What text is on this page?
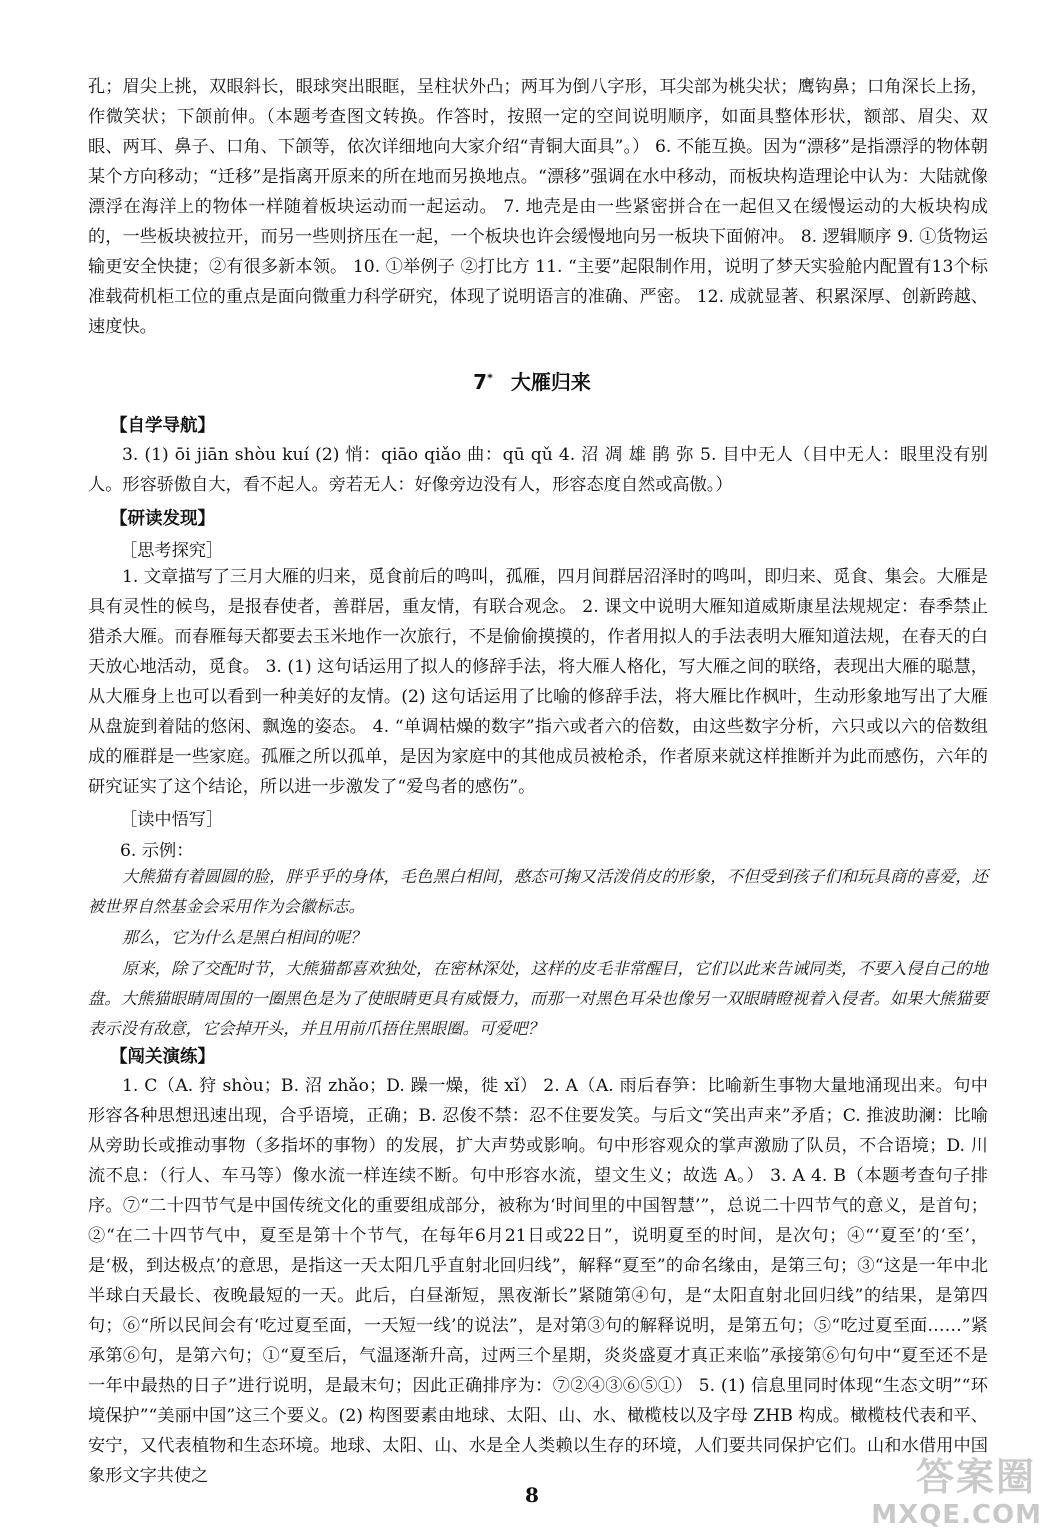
孔；眉尖上挑，双眼斜长，眼球突出眼眶，呈柱状外凸；两耳为倒八字形，耳尖部为桃尖状；鹰钩鼻；口角深长上扬，作微笑状；下颌前伸。（本题考查图文转换。作答时，按照一定的空间说明顺序，如面具整体形状，额部、眉尖、双眼、两耳、鼻子、口角、下颌等，依次详细地向大家介绍“青铜大面具”。） 6. 不能互换。因为“漂移”是指漂浮的物体朝某个方向移动；“迁移”是指离开原来的所在地而另换地点。“漂移”强调在水中移动，而板块构造理论中认为：大陆就像漂浮在海洋上的物体一样随着板块运动而一起运动。 7. 地壳是由一些紧密拼合在一起但又在缓慢运动的大板块构成的，一些板块被拉开，而另一些则挤压在一起，一个板块也许会缓慢地向另一板块下面俯冲。 8. 逻辑顺序 9. ①货物运输更安全快捷；②有很多新本领。 10. ①举例子 ②打比方 11. “主要”起限制作用，说明了梦天实验舱内配置有13个标准载荷机柜工位的重点是面向微重力科学研究，体现了说明语言的准确、严密。 12. 成就显著、积累深厚、创新跨越、速度快。

7* 大雁归来
【自学导航】

3. (1) ōi jiān shòu kuí (2) 悄：qiāo qiǎo 曲：qū qǔ 4. 沼 凋 雄 鹃 弥 5. 目中无人（目中无人：眼里没有别人。形容骄傲自大，看不起人。旁若无人：好像旁边没有人，形容态度自然或高傲。）

【研读发现】
［思考探究］

1. 文章描写了三月大雁的归来，觅食前后的鸣叫，孤雁，四月间群居沼泽时的鸣叫，即归来、觅食、集会。大雁是具有灵性的候鸟，是报春使者，善群居，重友情，有联合观念。 2. 课文中说明大雁知道威斯康星法规规定：春季禁止猎杀大雁。而春雁每天都要去玉米地作一次旅行，不是偷偷摸摸的，作者用拟人的手法表明大雁知道法规，在春天的白天放心地活动，觅食。 3. (1) 这句话运用了拟人的修辞手法，将大雁人格化，写大雁之间的联络，表现出大雁的聪慧，从大雁身上也可以看到一种美好的友情。(2) 这句话运用了比喻的修辞手法，将大雁比作枫叶，生动形象地写出了大雁从盘旋到着陆的悠闲、飘逸的姿态。 4. “单调枯燥的数字”指六或者六的倍数，由这些数字分析，六只或以六的倍数组成的雁群是一些家庭。孤雁之所以孤单，是因为家庭中的其他成员被枪杀，作者原来就这样推断并为此而感伤，六年的研究证实了这个结论，所以进一步激发了“爱鸟者的感伤”。

［读中悟写］
6. 示例：

大熊猫有着圆圆的脸，胖乎乎的身体，毛色黑白相间，憨态可掬又活泼俏皮的形象，不但受到孩子们和玩具商的喜爱，还被世界自然基金会采用作为会徽标志。

那么，它为什么是黑白相间的呢？

原来，除了交配时节，大熊猫都喜欢独处，在密林深处，这样的皮毛非常醒目，它们以此来告诫同类，不要入侵自己的地盘。大熊猫眼睛周围的一圈黑色是为了使眼睛更具有威慑力，而那一对黑色耳朵也像另一双眼睛瞪视着入侵者。如果大熊猫要表示没有敌意，它会掉开头，并且用前爪捂住黑眼圈。可爱吧？

【闯关演练】

1. C（A. 狩 shòu；B. 沼 zhǎo；D. 躁一燥，徙 xǐ） 2. A（A. 雨后春笋：比喻新生事物大量地涌现出来。句中形容各种思想迅速出现，合乎语境，正确；B. 忍俊不禁：忍不住要发笑。与后文“笑出声来”矛盾；C. 推波助澜：比喻从旁助长或推动事物（多指坏的事物）的发展，扩大声势或影响。句中形容观众的掌声激励了队员，不合语境；D. 川流不息：（行人、车马等）像水流一样连续不断。句中形容水流，望文生义；故选 A。） 3. A 4. B（本题考查句子排序。⑦“二十四节气是中国传统文化的重要组成部分，被称为‘时间里的中国智慧’”，总说二十四节气的意义，是首句；②“在二十四节气中，夏至是第十个节气，在每年6月21日或22日”，说明夏至的时间，是次句；④“‘夏至’的‘至’，是‘极，到达极点’的意思，是指这一天太阳几乎直射北回归线”，解释“夏至”的命名缘由，是第三句；③“这是一年中北半球白天最长、夜晚最短的一天。此后，白昼渐短，黑夜渐长”紧随第④句，是“太阳直射北回归线”的结果，是第四句；⑥“所以民间会有‘吃过夏至面，一天短一线’的说法”，是对第③句的解释说明，是第五句；⑤“吃过夏至面……”紧承第⑥句，是第六句；①“夏至后，气温逐渐升高，过两三个星期，炎炎盛夏才真正来临”承接第⑥句句中“夏至还不是一年中最热的日子”进行说明，是最末句；因此正确排序为：⑦②④③⑥⑤①） 5. (1) 信息里同时体现“生态文明”“环境保护”“美丽中国”这三个要义。(2) 构图要素由地球、太阳、山、水、橄榄枝以及字母 ZHB 构成。橄榄枝代表和平、安宁，又代表植物和生态环境。地球、太阳、山、水是全人类赖以生存的环境，人们要共同保护它们。山和水借用中国象形文字共使之

8	答案圈
MXQE.COM
